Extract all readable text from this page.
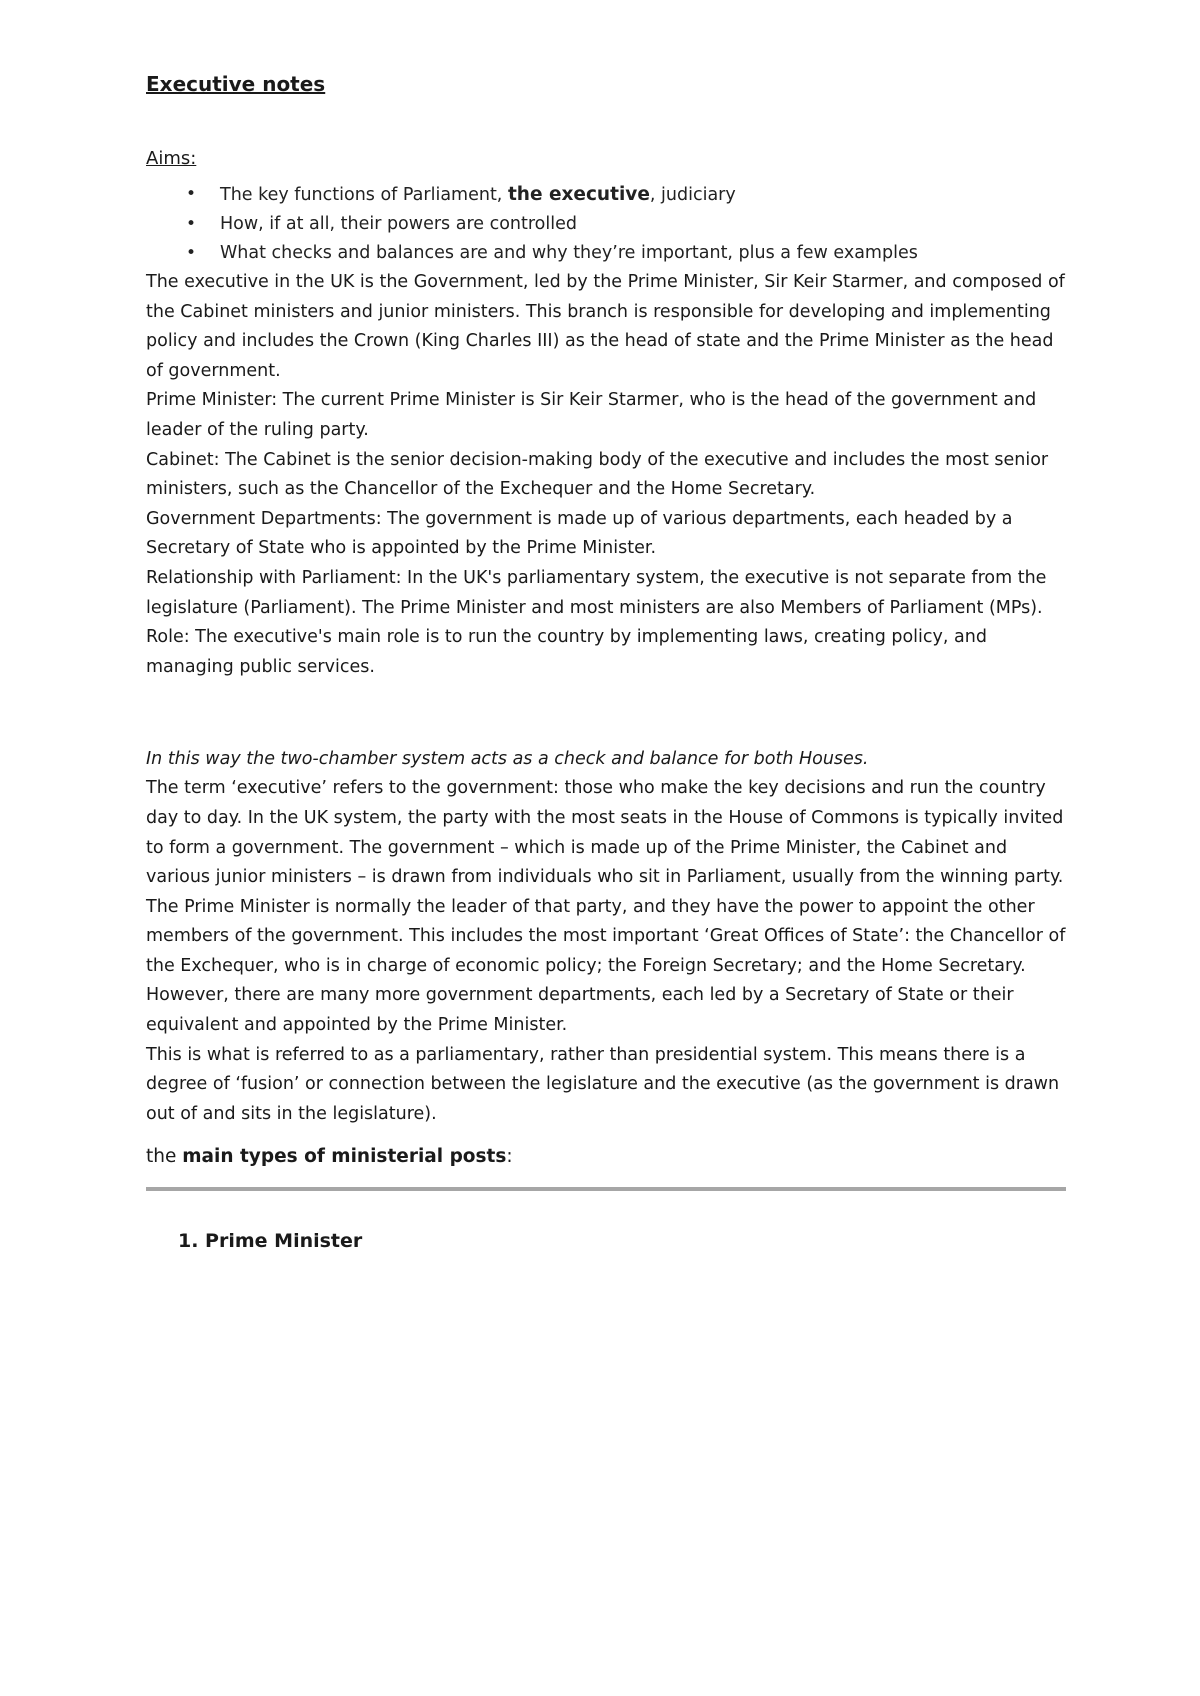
Executive notes
Aims:
• The key functions of Parliament, the executive, judiciary
• How, if at all, their powers are controlled
• What checks and balances are and why they’re important, plus a few examples

The executive in the UK is the Government, led by the Prime Minister, Sir Keir Starmer, and composed of the Cabinet ministers and junior ministers. This branch is responsible for developing and implementing policy and includes the Crown (King Charles III) as the head of state and the Prime Minister as the head of government.

Prime Minister: The current Prime Minister is Sir Keir Starmer, who is the head of the government and leader of the ruling party.

Cabinet: The Cabinet is the senior decision-making body of the executive and includes the most senior ministers, such as the Chancellor of the Exchequer and the Home Secretary.

Government Departments: The government is made up of various departments, each headed by a Secretary of State who is appointed by the Prime Minister.

Relationship with Parliament: In the UK's parliamentary system, the executive is not separate from the legislature (Parliament). The Prime Minister and most ministers are also Members of Parliament (MPs).

Role: The executive's main role is to run the country by implementing laws, creating policy, and managing public services.

In this way the two-chamber system acts as a check and balance for both Houses.

The term ‘executive’ refers to the government: those who make the key decisions and run the country day to day. In the UK system, the party with the most seats in the House of Commons is typically invited to form a government. The government – which is made up of the Prime Minister, the Cabinet and various junior ministers – is drawn from individuals who sit in Parliament, usually from the winning party. The Prime Minister is normally the leader of that party, and they have the power to appoint the other members of the government. This includes the most important ‘Great Offices of State’: the Chancellor of the Exchequer, who is in charge of economic policy; the Foreign Secretary; and the Home Secretary. However, there are many more government departments, each led by a Secretary of State or their equivalent and appointed by the Prime Minister.

This is what is referred to as a parliamentary, rather than presidential system. This means there is a degree of ‘fusion’ or connection between the legislature and the executive (as the government is drawn out of and sits in the legislature).

the main types of ministerial posts:

1. Prime Minister
